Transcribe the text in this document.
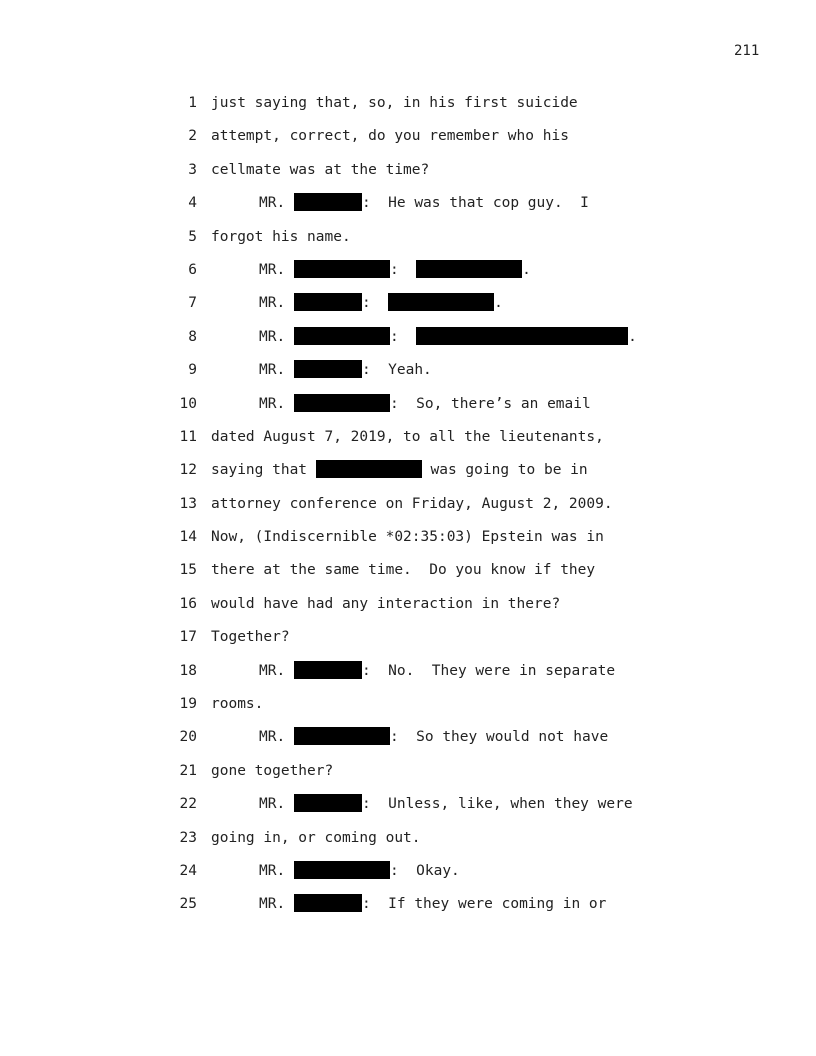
211
1 just saying that, so, in his first suicide
2 attempt, correct, do you remember who his
3 cellmate was at the time?
4	MR.	:  He was that cop guy.  I
5 forgot his name.
6	MR.	:	.
7	MR.	:	.
8	MR.	:	.
9	MR.	:  Yeah.
10	MR.	:  So, there’s an email
11 dated August 7, 2019, to all the lieutenants,
12 saying that	was going to be in
13 attorney conference on Friday, August 2, 2009.
14 Now, (Indiscernible *02:35:03) Epstein was in
15 there at the same time.  Do you know if they
16 would have had any interaction in there?
17 Together?
18	MR.	:  No.  They were in separate
19 rooms.
20	MR.	:  So they would not have
21 gone together?
22	MR.	:  Unless, like, when they were
23 going in, or coming out.
24	MR.	:  Okay.
25	MR.	:  If they were coming in or
